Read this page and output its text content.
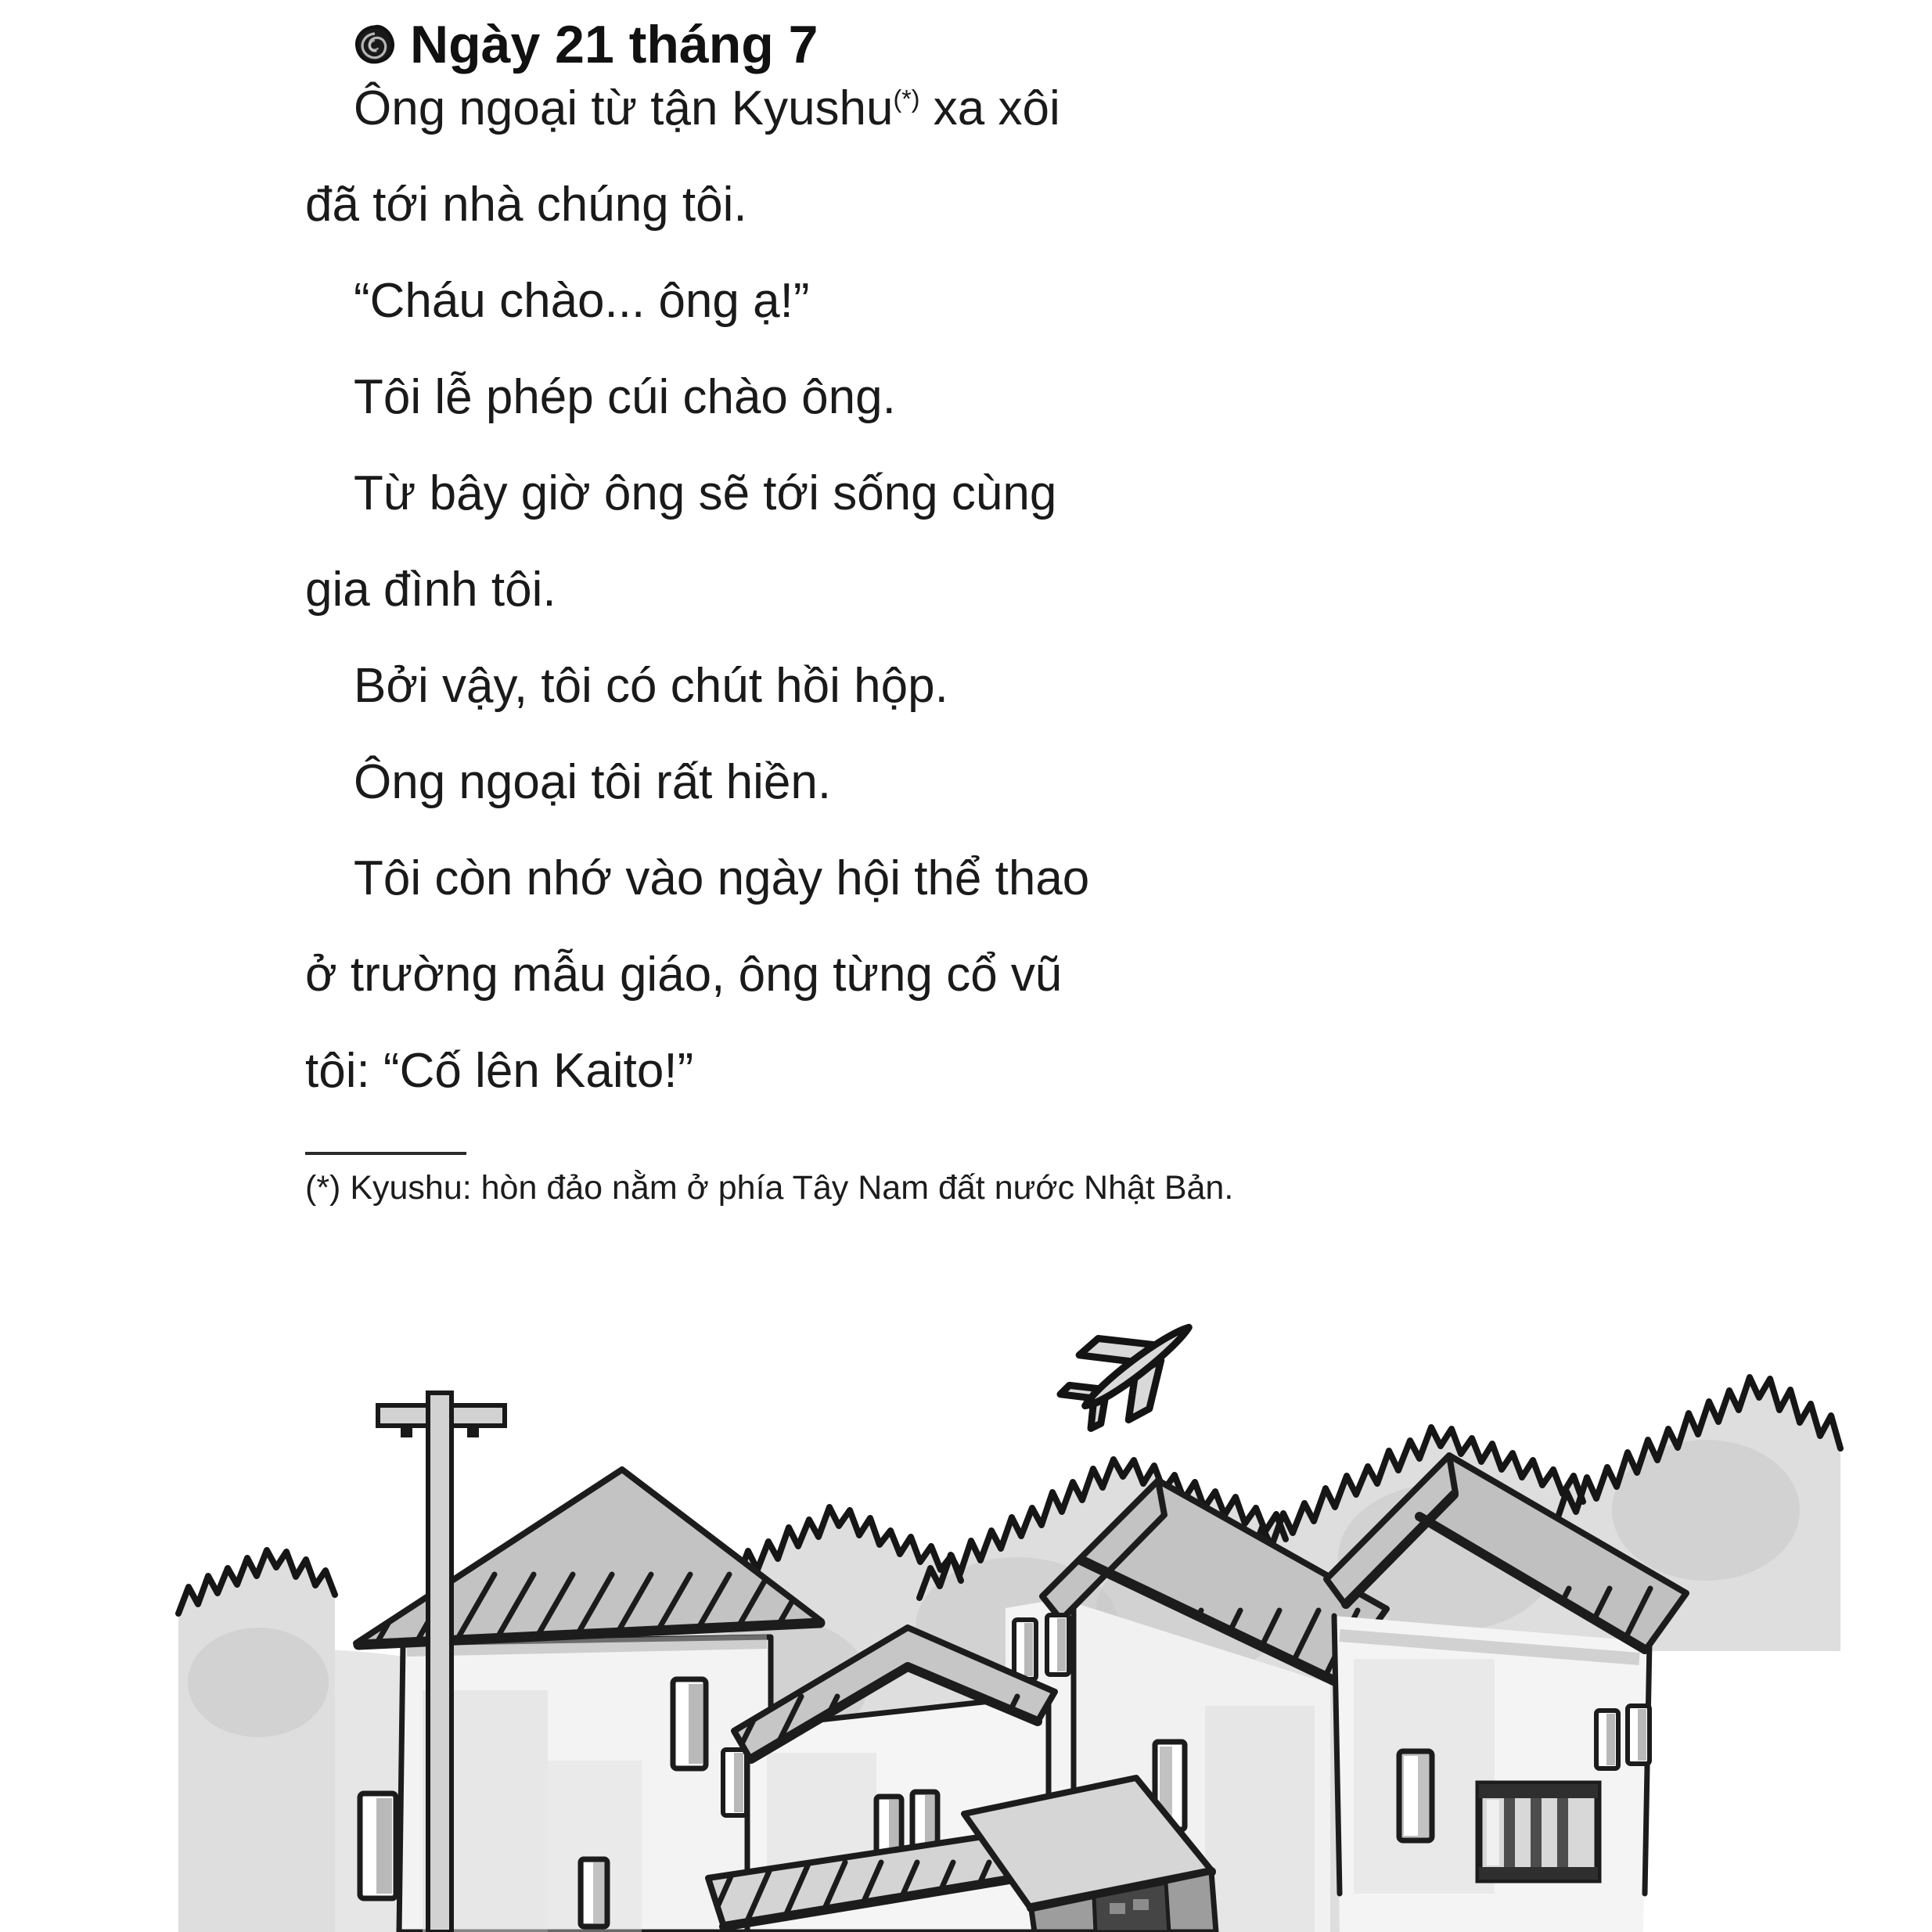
Ngày 21 tháng 7
Ông ngoại từ tận Kyushu(*) xa xôi
đã tới nhà chúng tôi.
“Cháu chào... ông ạ!”
Tôi lễ phép cúi chào ông.
Từ bây giờ ông sẽ tới sống cùng
gia đình tôi.
Bởi vậy, tôi có chút hồi hộp.
Ông ngoại tôi rất hiền.
Tôi còn nhớ vào ngày hội thể thao
ở trường mẫu giáo, ông từng cổ vũ
tôi: “Cố lên Kaito!”
(*) Kyushu: hòn đảo nằm ở phía Tây Nam đất nước Nhật Bản.
